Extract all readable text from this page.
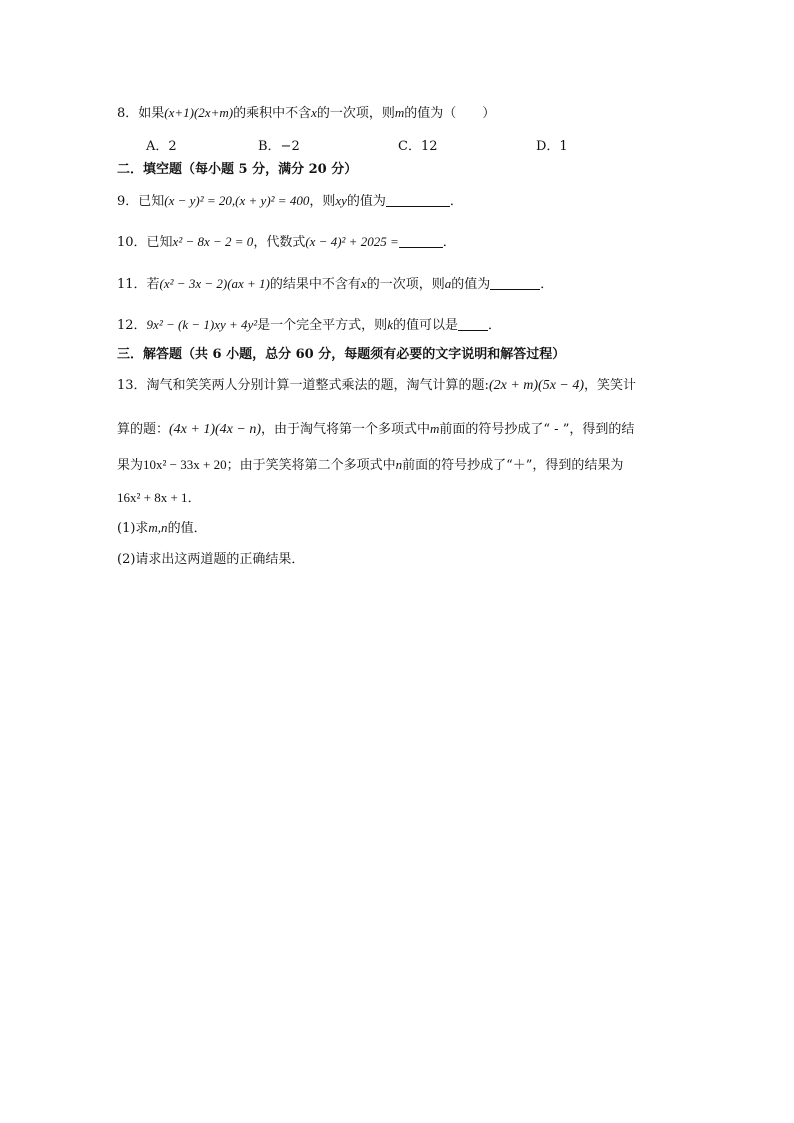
8．如果(x+1)(2x+m)的乘积中不含x的一次项，则m的值为（　　）
A．2	B．−2	C．12	D．1
二．填空题（每小题 5 分，满分 20 分）
9．已知(x − y)² = 20,(x + y)² = 400，则xy的值为	．
10．已知x² − 8x − 2 = 0，代数式(x − 4)² + 2025 =	．
11．若(x² − 3x − 2)(ax + 1)的结果中不含有x的一次项，则a的值为	．
12．9x² − (k − 1)xy + 4y²是一个完全平方式，则k的值可以是 ．
三．解答题（共 6 小题，总分 60 分，每题须有必要的文字说明和解答过程）
13．淘气和笑笑两人分别计算一道整式乘法的题，淘气计算的题:(2x + m)(5x − 4)，笑笑计
算的题：(4x + 1)(4x − n)，由于淘气将第一个多项式中m前面的符号抄成了“ - ”，得到的结
果为10x² − 33x + 20；由于笑笑将第二个多项式中n前面的符号抄成了“＋”，得到的结果为
16x² + 8x + 1．
(1)求m,n的值．
(2)请求出这两道题的正确结果．
